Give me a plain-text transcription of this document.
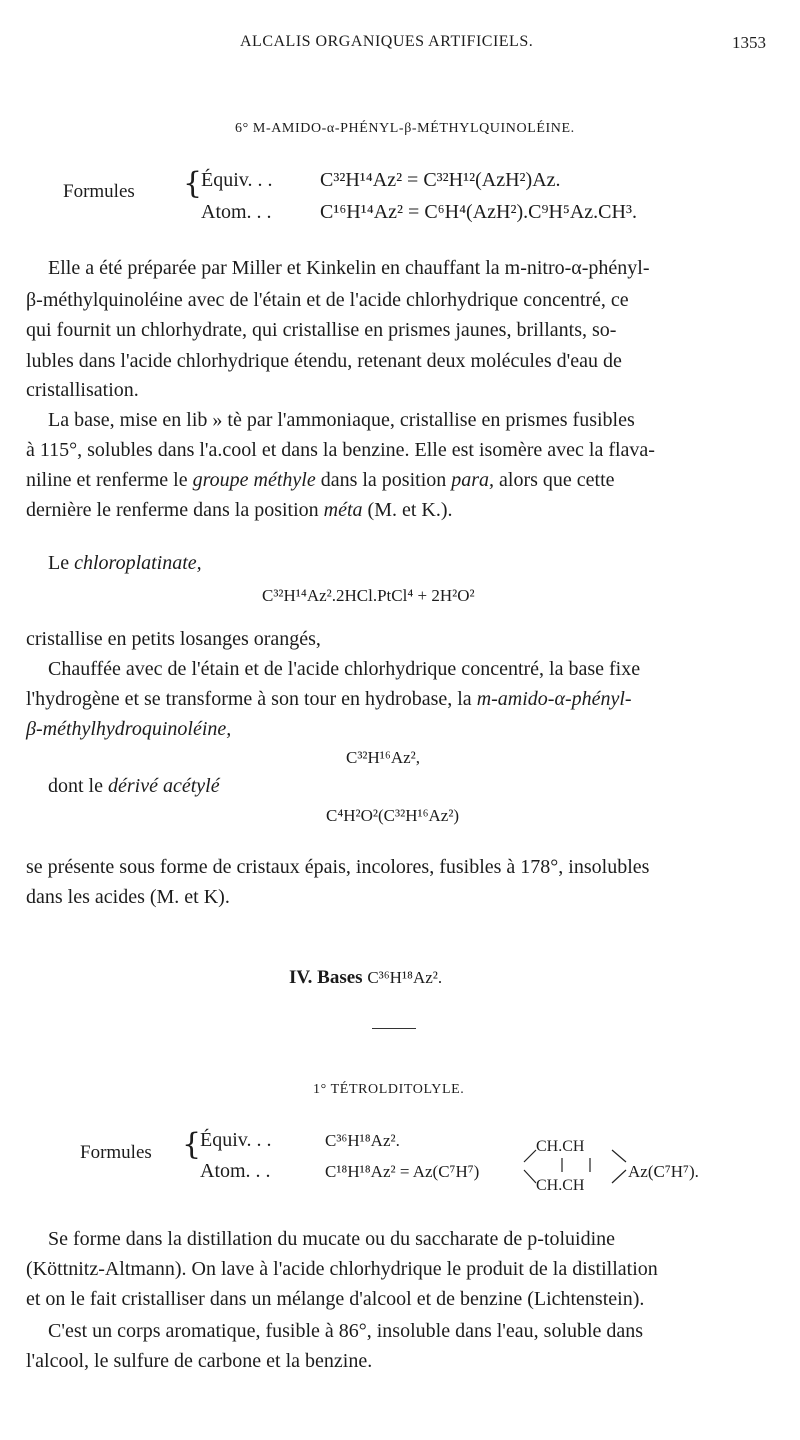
ALCALIS ORGANIQUES ARTIFICIELS.	1353
6° M-AMIDO-α-PHÉNYL-β-MÉTHYLQUINOLÉINE.
Formules {
Équiv. . . C³²H¹⁴Az² = C³²H¹²(AzH²)Az.
Atom. . . C¹⁶H¹⁴Az² = C⁶H⁴(AzH²).C⁹H⁵Az.CH³.
Elle a été préparée par Miller et Kinkelin en chauffant la m-nitro-α-phényl-
β-méthylquinoléine avec de l'étain et de l'acide chlorhydrique concentré, ce
qui fournit un chlorhydrate, qui cristallise en prismes jaunes, brillants, so-
lubles dans l'acide chlorhydrique étendu, retenant deux molécules d'eau de
cristallisation.
La base, mise en lib » tè par l'ammoniaque, cristallise en prismes fusibles
à 115°, solubles dans l'a.cool et dans la benzine. Elle est isomère avec la flava-
niline et renferme le groupe méthyle dans la position para, alors que cette
dernière le renferme dans la position méta (M. et K.).
Le chloroplatinate,
C³²H¹⁴Az².2HCl.PtCl⁴ + 2H²O²
cristallise en petits losanges orangés,
Chauffée avec de l'étain et de l'acide chlorhydrique concentré, la base fixe
l'hydrogène et se transforme à son tour en hydrobase, la m-amido-α-phényl-
β-méthylhydroquinoléine,
C³²H¹⁶Az²,
dont le dérivé acétylé
C⁴H²O²(C³²H¹⁶Az²)
se présente sous forme de cristaux épais, incolores, fusibles à 178°, insolubles
dans les acides (M. et K).
IV. Bases C³⁶H¹⁸Az².
1° TÉTROLDITOLYLE.
Formules {
Équiv. . .	C³⁶H¹⁸Az².
Atom. . .	C¹⁸H¹⁸Az² = Az(C⁷H⁷)
CH.CH
CH.CH
Az(C⁷H⁷).
Se forme dans la distillation du mucate ou du saccharate de p-toluidine
(Köttnitz-Altmann). On lave à l'acide chlorhydrique le produit de la distillation
et on le fait cristalliser dans un mélange d'alcool et de benzine (Lichtenstein).
C'est un corps aromatique, fusible à 86°, insoluble dans l'eau, soluble dans
l'alcool, le sulfure de carbone et la benzine.
